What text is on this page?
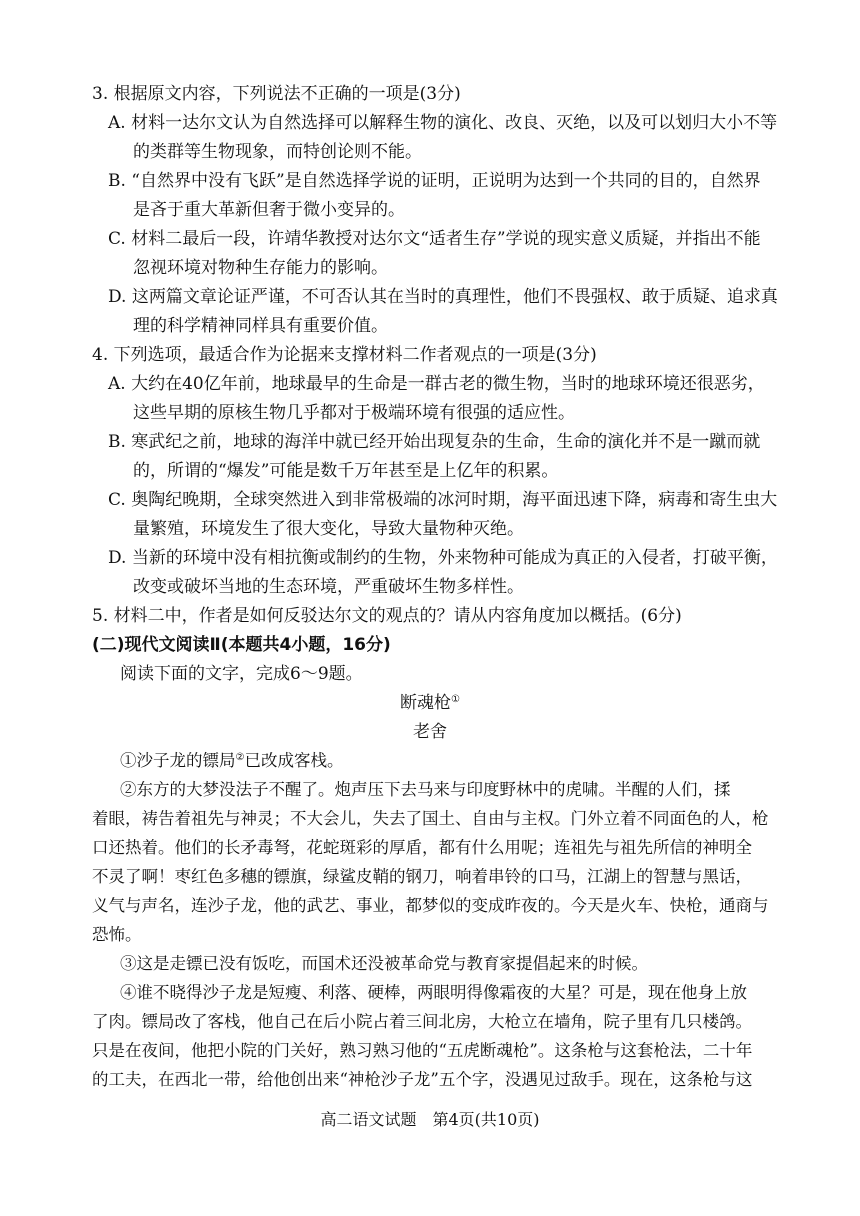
3. 根据原文内容，下列说法不正确的一项是(3分)
A. 材料一达尔文认为自然选择可以解释生物的演化、改良、灭绝，以及可以划归大小不等
的类群等生物现象，而特创论则不能。
B. “自然界中没有飞跃”是自然选择学说的证明，正说明为达到一个共同的目的，自然界
是吝于重大革新但奢于微小变异的。
C. 材料二最后一段，许靖华教授对达尔文“适者生存”学说的现实意义质疑，并指出不能
忽视环境对物种生存能力的影响。
D. 这两篇文章论证严谨，不可否认其在当时的真理性，他们不畏强权、敢于质疑、追求真
理的科学精神同样具有重要价值。
4. 下列选项，最适合作为论据来支撑材料二作者观点的一项是(3分)
A. 大约在40亿年前，地球最早的生命是一群古老的微生物，当时的地球环境还很恶劣，
这些早期的原核生物几乎都对于极端环境有很强的适应性。
B. 寒武纪之前，地球的海洋中就已经开始出现复杂的生命，生命的演化并不是一蹴而就
的，所谓的“爆发”可能是数千万年甚至是上亿年的积累。
C. 奥陶纪晚期，全球突然进入到非常极端的冰河时期，海平面迅速下降，病毒和寄生虫大
量繁殖，环境发生了很大变化，导致大量物种灭绝。
D. 当新的环境中没有相抗衡或制约的生物，外来物种可能成为真正的入侵者，打破平衡，
改变或破坏当地的生态环境，严重破坏生物多样性。
5. 材料二中，作者是如何反驳达尔文的观点的？请从内容角度加以概括。(6分)
(二)现代文阅读Ⅱ(本题共4小题，16分)
阅读下面的文字，完成6～9题。
断魂枪①
老舍
①沙子龙的镖局②已改成客栈。
②东方的大梦没法子不醒了。炮声压下去马来与印度野林中的虎啸。半醒的人们，揉
着眼，祷告着祖先与神灵；不大会儿，失去了国土、自由与主权。门外立着不同面色的人，枪
口还热着。他们的长矛毒弩，花蛇斑彩的厚盾，都有什么用呢；连祖先与祖先所信的神明全
不灵了啊！枣红色多穗的镖旗，绿鲨皮鞘的钢刀，响着串铃的口马，江湖上的智慧与黑话，
义气与声名，连沙子龙，他的武艺、事业，都梦似的变成昨夜的。今天是火车、快枪，通商与
恐怖。
③这是走镖已没有饭吃，而国术还没被革命党与教育家提倡起来的时候。
④谁不晓得沙子龙是短瘦、利落、硬棒，两眼明得像霜夜的大星？可是，现在他身上放
了肉。镖局改了客栈，他自己在后小院占着三间北房，大枪立在墙角，院子里有几只楼鸽。
只是在夜间，他把小院的门关好，熟习熟习他的“五虎断魂枪”。这条枪与这套枪法，二十年
的工夫，在西北一带，给他创出来“神枪沙子龙”五个字，没遇见过敌手。现在，这条枪与这
高二语文试题　第4页(共10页)
